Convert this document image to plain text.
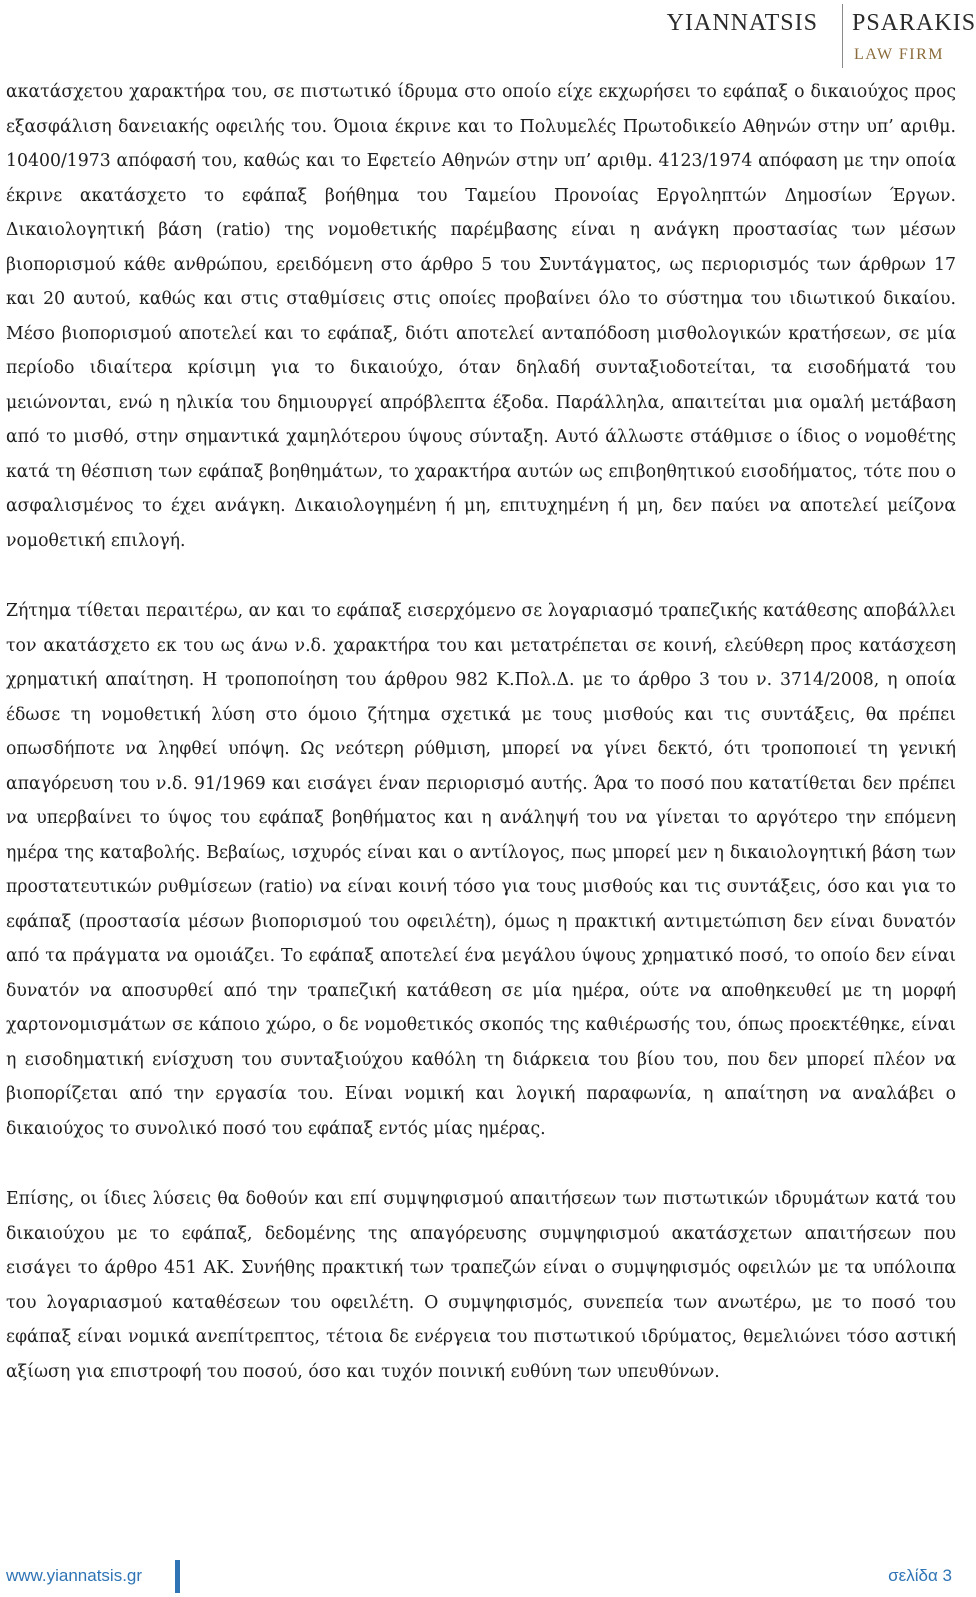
YIANNATSIS PSARAKIS
LAW FIRM

ακατάσχετου χαρακτήρα του, σε πιστωτικό ίδρυμα στο οποίο είχε εκχωρήσει το εφάπαξ ο δικαιούχος προς εξασφάλιση δανειακής οφειλής του. Όμοια έκρινε και το Πολυμελές Πρωτοδικείο Αθηνών στην υπ’ αριθμ. 10400/1973 απόφασή του, καθώς και το Εφετείο Αθηνών στην υπ’ αριθμ. 4123/1974 απόφαση με την οποία έκρινε ακατάσχετο το εφάπαξ βοήθημα του Ταμείου Προνοίας Εργοληπτών Δημοσίων Έργων. Δικαιολογητική βάση (ratio) της νομοθετικής παρέμβασης είναι η ανάγκη προστασίας των μέσων βιοπορισμού κάθε ανθρώπου, ερειδόμενη στο άρθρο 5 του Συντάγματος, ως περιορισμός των άρθρων 17 και 20 αυτού, καθώς και στις σταθμίσεις στις οποίες προβαίνει όλο το σύστημα του ιδιωτικού δικαίου. Μέσο βιοπορισμού αποτελεί και το εφάπαξ, διότι αποτελεί ανταπόδοση μισθολογικών κρατήσεων, σε μία περίοδο ιδιαίτερα κρίσιμη για το δικαιούχο, όταν δηλαδή συνταξιοδοτείται, τα εισοδήματά του μειώνονται, ενώ η ηλικία του δημιουργεί απρόβλεπτα έξοδα. Παράλληλα, απαιτείται μια ομαλή μετάβαση από το μισθό, στην σημαντικά χαμηλότερου ύψους σύνταξη. Αυτό άλλωστε στάθμισε ο ίδιος ο νομοθέτης κατά τη θέσπιση των εφάπαξ βοηθημάτων, το χαρακτήρα αυτών ως επιβοηθητικού εισοδήματος, τότε που ο ασφαλισμένος το έχει ανάγκη. Δικαιολογημένη ή μη, επιτυχημένη ή μη, δεν παύει να αποτελεί μείζονα νομοθετική επιλογή.

Ζήτημα τίθεται περαιτέρω, αν και το εφάπαξ εισερχόμενο σε λογαριασμό τραπεζικής κατάθεσης αποβάλλει τον ακατάσχετο εκ του ως άνω ν.δ. χαρακτήρα του και μετατρέπεται σε κοινή, ελεύθερη προς κατάσχεση χρηματική απαίτηση. Η τροποποίηση του άρθρου 982 Κ.Πολ.Δ. με το άρθρο 3 του ν. 3714/2008, η οποία έδωσε τη νομοθετική λύση στο όμοιο ζήτημα σχετικά με τους μισθούς και τις συντάξεις, θα πρέπει οπωσδήποτε να ληφθεί υπόψη. Ως νεότερη ρύθμιση, μπορεί να γίνει δεκτό, ότι τροποποιεί τη γενική απαγόρευση του ν.δ. 91/1969 και εισάγει έναν περιορισμό αυτής. Άρα το ποσό που κατατίθεται δεν πρέπει να υπερβαίνει το ύψος του εφάπαξ βοηθήματος και η ανάληψή του να γίνεται το αργότερο την επόμενη ημέρα της καταβολής. Βεβαίως, ισχυρός είναι και ο αντίλογος, πως μπορεί μεν η δικαιολογητική βάση των προστατευτικών ρυθμίσεων (ratio) να είναι κοινή τόσο για τους μισθούς και τις συντάξεις, όσο και για το εφάπαξ (προστασία μέσων βιοπορισμού του οφειλέτη), όμως η πρακτική αντιμετώπιση δεν είναι δυνατόν από τα πράγματα να ομοιάζει. Το εφάπαξ αποτελεί ένα μεγάλου ύψους χρηματικό ποσό, το οποίο δεν είναι δυνατόν να αποσυρθεί από την τραπεζική κατάθεση σε μία ημέρα, ούτε να αποθηκευθεί με τη μορφή χαρτονομισμάτων σε κάποιο χώρο, ο δε νομοθετικός σκοπός της καθιέρωσής του, όπως προεκτέθηκε, είναι η εισοδηματική ενίσχυση του συνταξιούχου καθόλη τη διάρκεια του βίου του, που δεν μπορεί πλέον να βιοπορίζεται από την εργασία του. Είναι νομική και λογική παραφωνία, η απαίτηση να αναλάβει ο δικαιούχος το συνολικό ποσό του εφάπαξ εντός μίας ημέρας.

Επίσης, οι ίδιες λύσεις θα δοθούν και επί συμψηφισμού απαιτήσεων των πιστωτικών ιδρυμάτων κατά του δικαιούχου με το εφάπαξ, δεδομένης της απαγόρευσης συμψηφισμού ακατάσχετων απαιτήσεων που εισάγει το άρθρο 451 ΑΚ. Συνήθης πρακτική των τραπεζών είναι ο συμψηφισμός οφειλών με τα υπόλοιπα του λογαριασμού καταθέσεων του οφειλέτη. Ο συμψηφισμός, συνεπεία των ανωτέρω, με το ποσό του εφάπαξ είναι νομικά ανεπίτρεπτος, τέτοια δε ενέργεια του πιστωτικού ιδρύματος, θεμελιώνει τόσο αστική αξίωση για επιστροφή του ποσού, όσο και τυχόν ποινική ευθύνη των υπευθύνων.

www.yiannatsis.gr	σελίδα 3
